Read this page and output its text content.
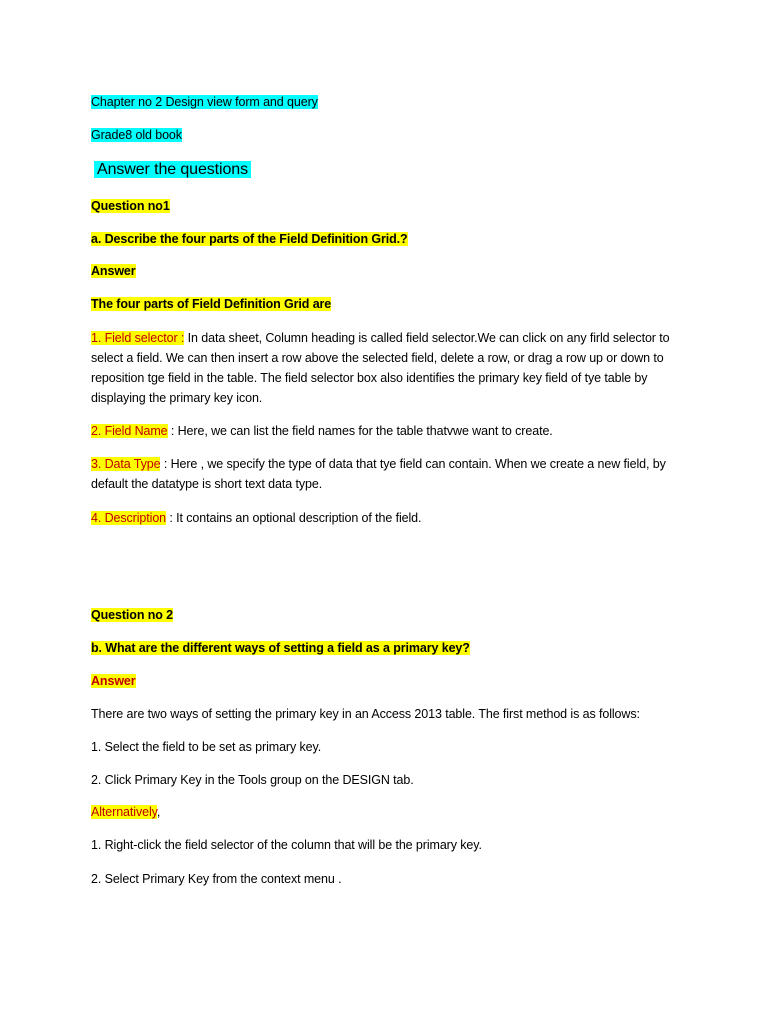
Chapter no 2 Design view form and query
Grade8 old book
Answer the questions
Question no1
a. Describe the four parts of the Field Definition Grid.?
Answer
The four parts of Field Definition Grid are
1. Field selector : In data sheet, Column heading is called field selector.We can click on any firld selector to select a field. We can then insert a row above the selected field, delete a row, or drag a row up or down to reposition tge field in the table. The field selector box also identifies the primary key field of tye table by displaying the primary key icon.
2. Field Name : Here, we can list the field names for the table thatvwe want to create.
3. Data Type : Here , we specify the type of data that tye field can contain. When we create a new field, by default the datatype is short text data type.
4. Description : It contains an optional description of the field.
Question no 2
b. What are the different ways of setting a field as a primary key?
Answer
There are two ways of setting the primary key in an Access 2013 table. The first method is as follows:
1. Select the field to be set as primary key.
2. Click Primary Key in the Tools group on the DESIGN tab.
Alternatively,
1. Right-click the field selector of the column that will be the primary key.
2. Select Primary Key from the context menu .
